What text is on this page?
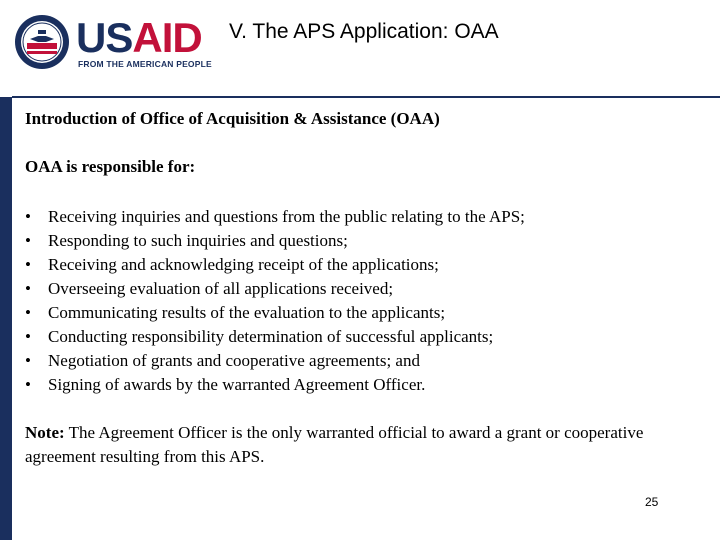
USAID
FROM THE AMERICAN PEOPLE
V. The APS Application: OAA
Introduction of Office of Acquisition & Assistance (OAA)
OAA is responsible for:
• Receiving inquiries and questions from the public relating to the APS;
• Responding to such inquiries and questions;
• Receiving and acknowledging receipt of the applications;
• Overseeing evaluation of all applications received;
• Communicating results of the evaluation to the applicants;
• Conducting responsibility determination of successful applicants;
• Negotiation of grants and cooperative agreements; and
• Signing of awards by the warranted Agreement Officer.
Note: The Agreement Officer is the only warranted official to award a grant or cooperative agreement resulting from this APS.
25
